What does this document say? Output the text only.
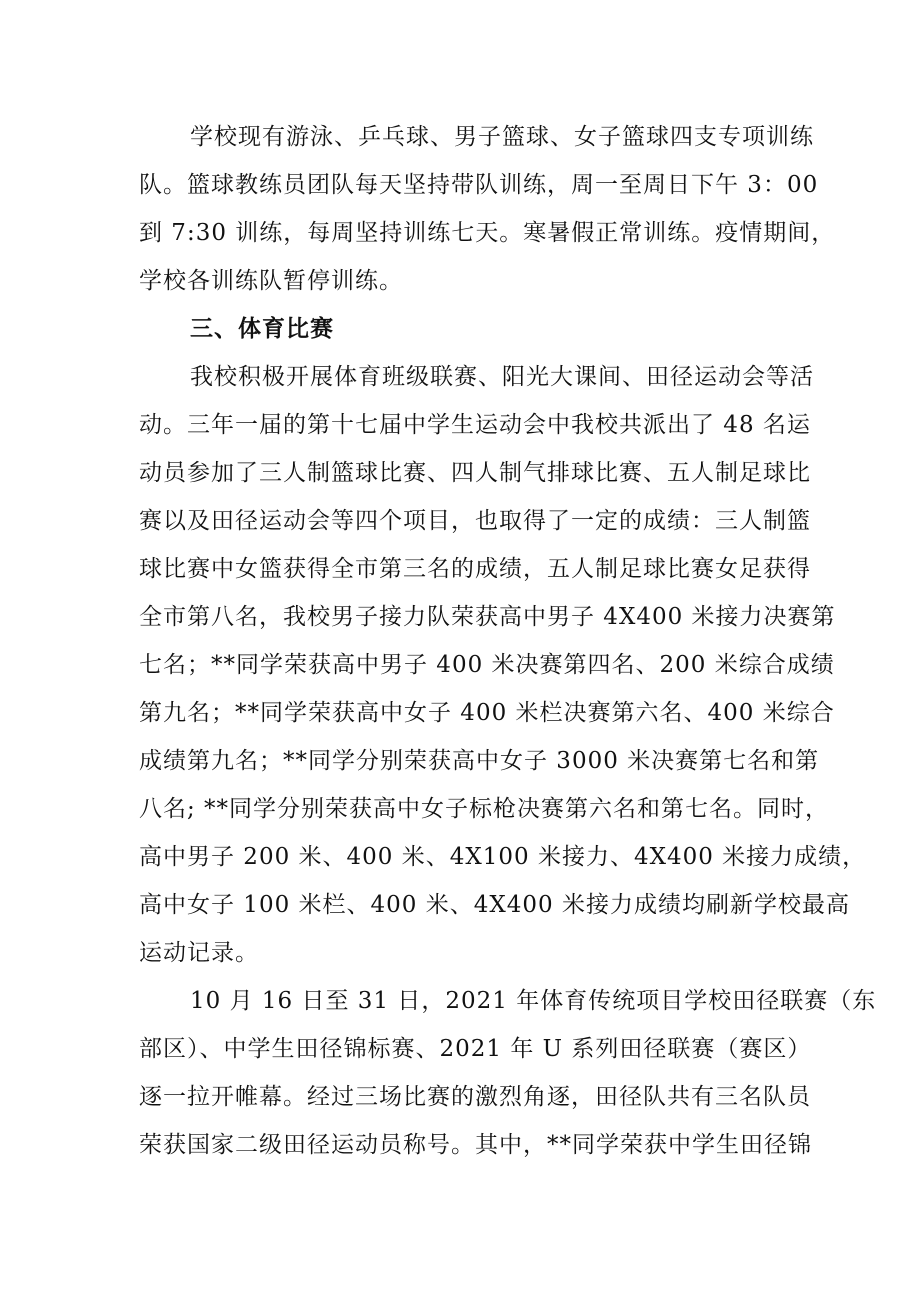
学校现有游泳、乒乓球、男子篮球、女子篮球四支专项训练
队。篮球教练员团队每天坚持带队训练，周一至周日下午 3：00
到 7:30 训练，每周坚持训练七天。寒暑假正常训练。疫情期间，
学校各训练队暂停训练。
三、体育比赛
我校积极开展体育班级联赛、阳光大课间、田径运动会等活
动。三年一届的第十七届中学生运动会中我校共派出了 48 名运
动员参加了三人制篮球比赛、四人制气排球比赛、五人制足球比
赛以及田径运动会等四个项目，也取得了一定的成绩：三人制篮
球比赛中女篮获得全市第三名的成绩，五人制足球比赛女足获得
全市第八名，我校男子接力队荣获高中男子 4X400 米接力决赛第
七名；**同学荣获高中男子 400 米决赛第四名、200 米综合成绩
第九名；**同学荣获高中女子 400 米栏决赛第六名、400 米综合
成绩第九名；**同学分别荣获高中女子 3000 米决赛第七名和第
八名; **同学分别荣获高中女子标枪决赛第六名和第七名。同时，
高中男子 200 米、400 米、4X100 米接力、4X400 米接力成绩，
高中女子 100 米栏、400 米、4X400 米接力成绩均刷新学校最高
运动记录。
10 月 16 日至 31 日，2021 年体育传统项目学校田径联赛（东
部区）、中学生田径锦标赛、2021 年 U 系列田径联赛（赛区）
逐一拉开帷幕。经过三场比赛的激烈角逐，田径队共有三名队员
荣获国家二级田径运动员称号。其中，**同学荣获中学生田径锦
